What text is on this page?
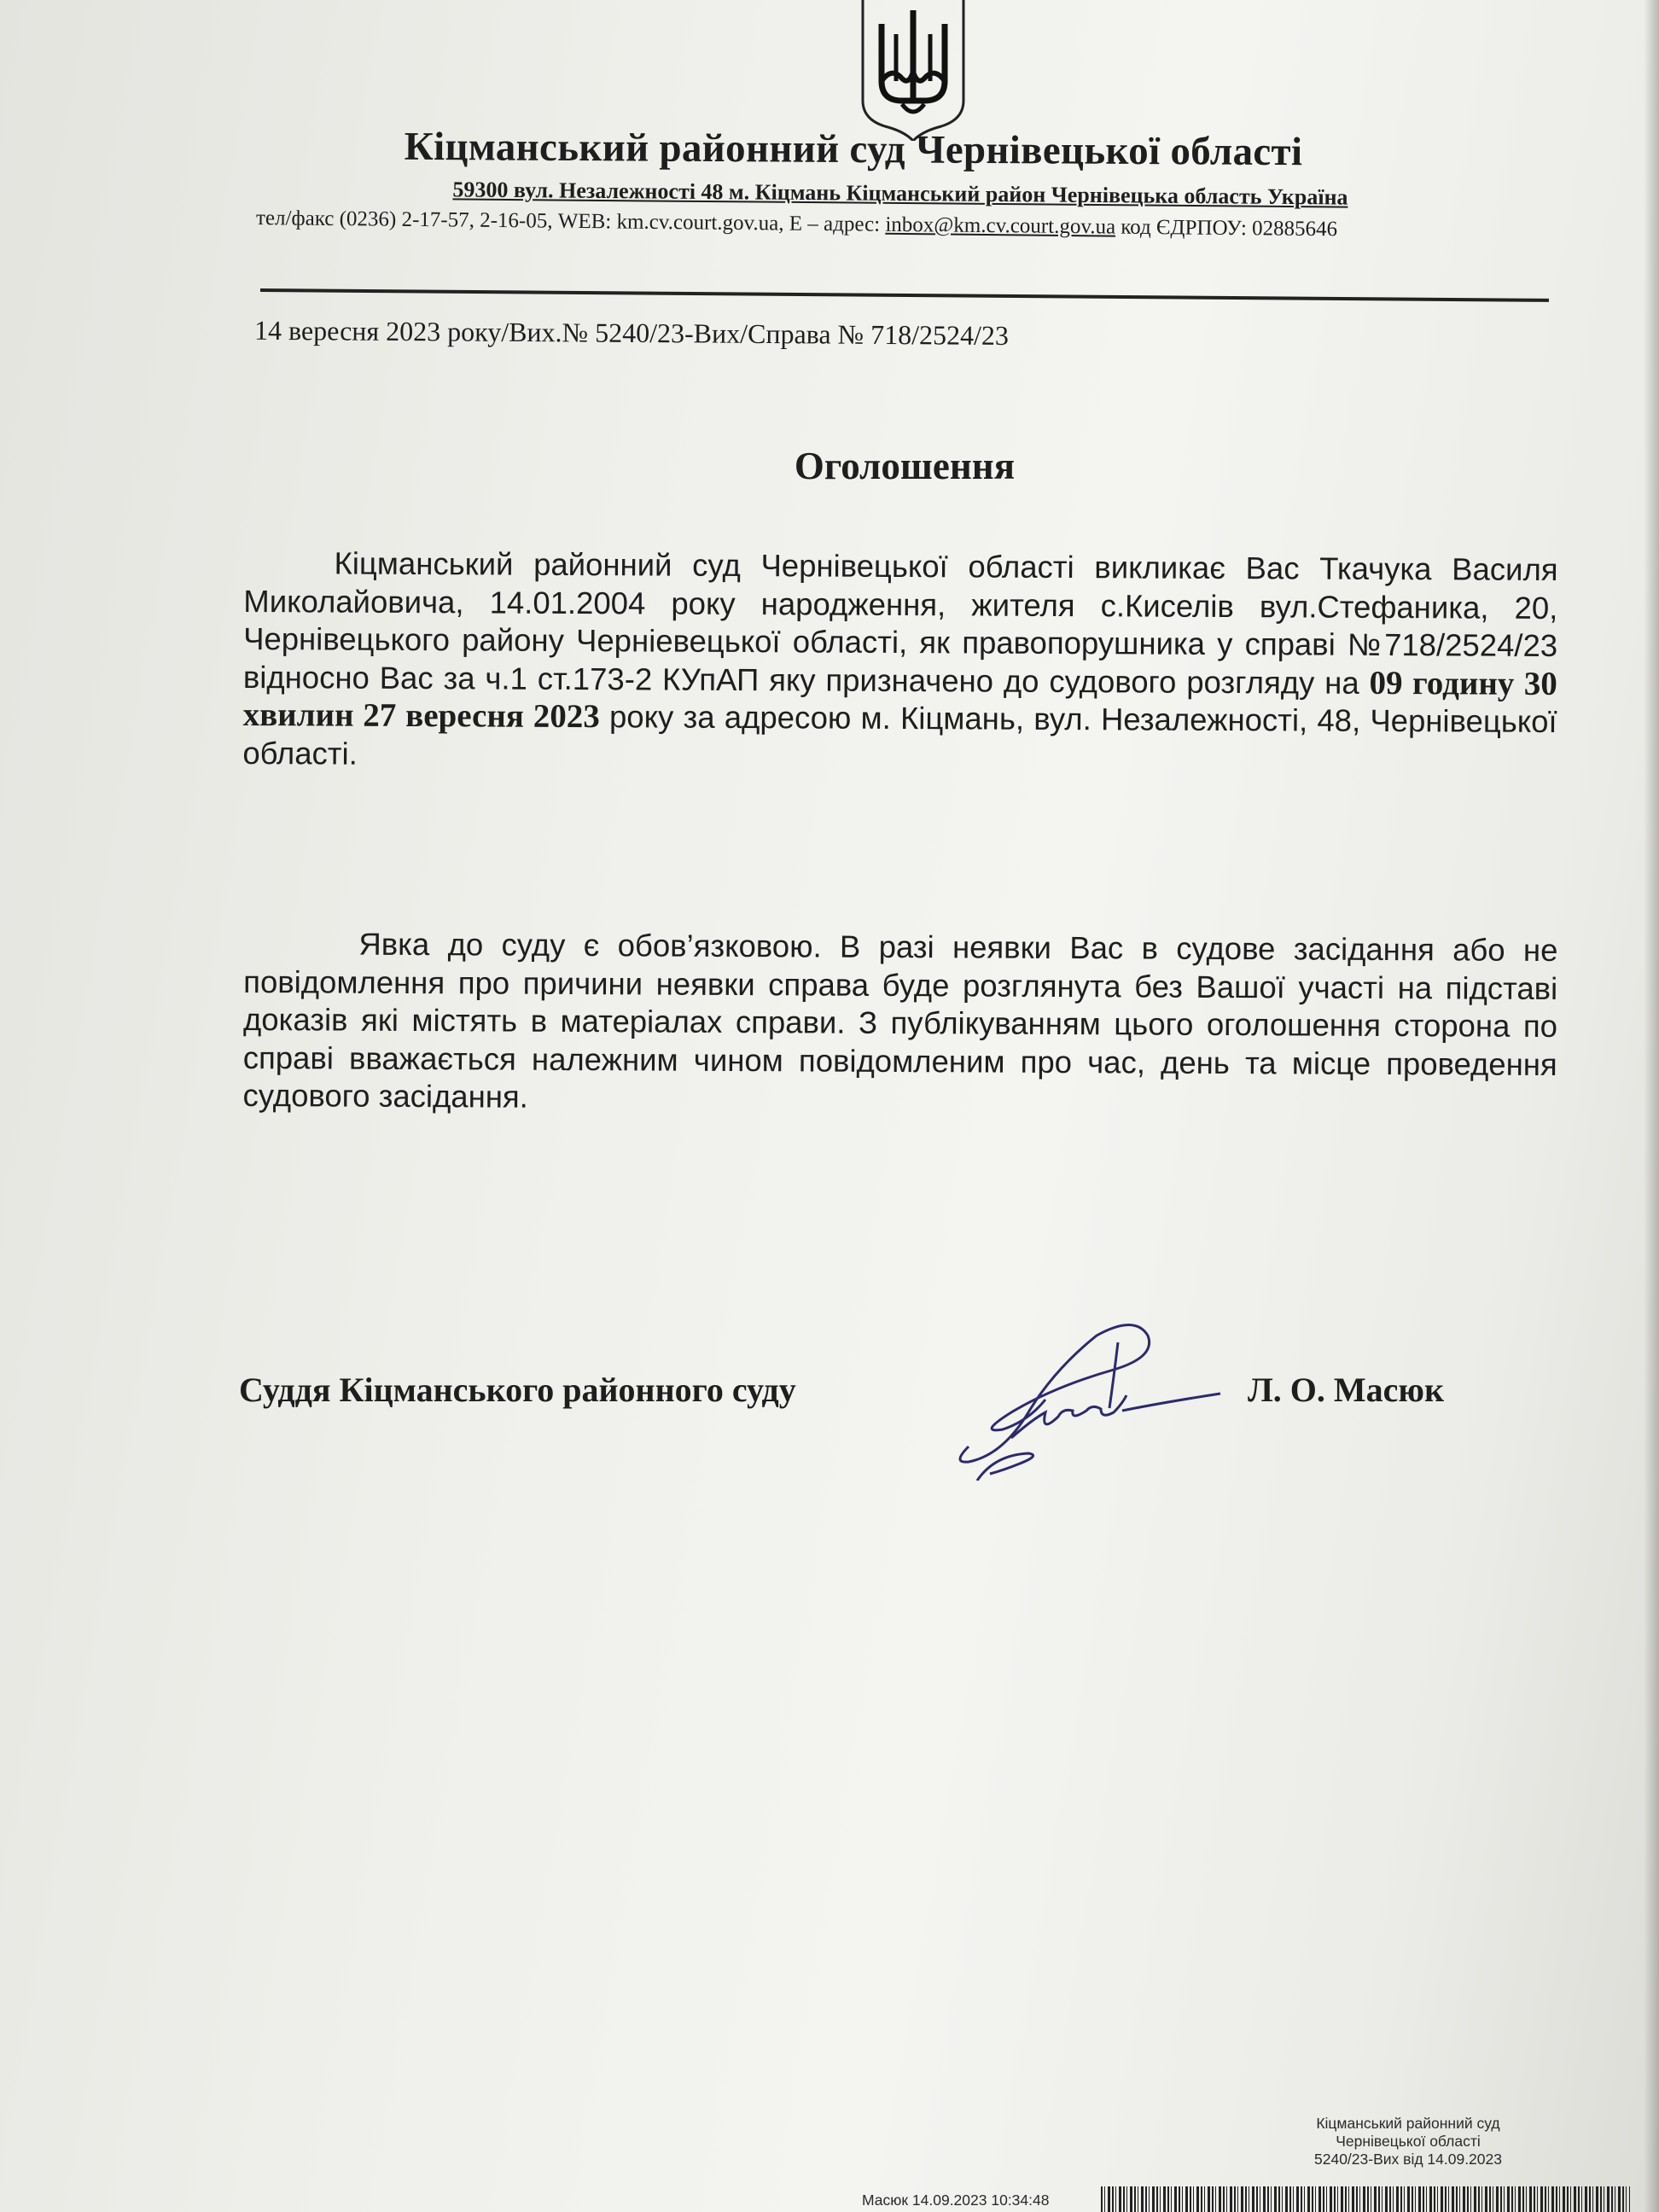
Кіцманський районний суд Чернівецької області
59300 вул. Незалежності 48 м. Кіцмань Кіцманський район Чернівецька область Україна
тел/факс (0236) 2-17-57, 2-16-05, WEB: km.cv.court.gov.ua, E – адрес: inbox@km.cv.court.gov.ua код ЄДРПОУ: 02885646
14 вересня 2023 року/Вих.№ 5240/23-Вих/Справа № 718/2524/23
Оголошення

Кіцманський районний суд Чернівецької області викликає Вас Ткачука Василя Миколайовича, 14.01.2004 року народження, жителя с.Киселів вул.Стефаника, 20, Чернівецького району Черніевецької області, як правопорушника у справі №718/2524/23 відносно Вас за ч.1 ст.173-2 КУпАП яку призначено до судового розгляду на 09 годину 30 хвилин 27 вересня 2023 року за адресою м. Кіцмань, вул. Незалежності, 48, Чернівецької області.

Явка до суду є обов’язковою. В разі неявки Вас в судове засідання або не повідомлення про причини неявки справа буде розглянута без Вашої участі на підставі доказів які містять в матеріалах справи. З публікуванням цього оголошення сторона по справі вважається належним чином повідомленим про час, день та місце проведення судового засідання.

Суддя Кіцманського районного суду	Л. О. Масюк
Кіцманський районний суд
Чернівецької області
5240/23-Вих від 14.09.2023
Масюк 14.09.2023 10:34:48
